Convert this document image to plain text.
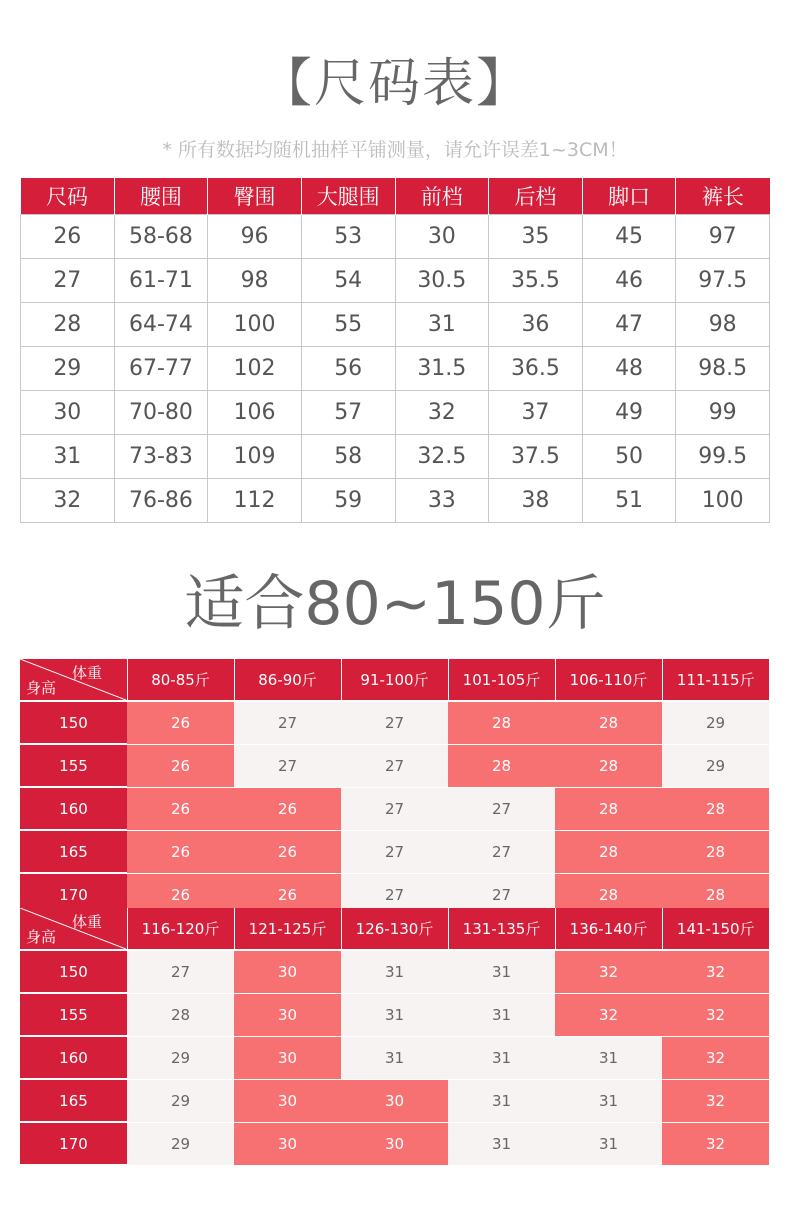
【尺码表】
* 所有数据均随机抽样平铺测量，请允许误差1~3CM！
尺码	腰围	臀围	大腿围	前档	后档	脚口	裤长
26	58-68	96	53	30	35	45	97
27	61-71	98	54	30.5	35.5	46	97.5
28	64-74	100	55	31	36	47	98
29	67-77	102	56	31.5	36.5	48	98.5
30	70-80	106	57	32	37	49	99
31	73-83	109	58	32.5	37.5	50	99.5
32	76-86	112	59	33	38	51	100
适合80~150斤
体重
身高	80-85斤	86-90斤	91-100斤	101-105斤	106-110斤	111-115斤
150	26	27	27	28	28	29
155	26	27	27	28	28	29
160	26	26	27	27	28	28
165	26	26	27	27	28	28
170	26	26	27	27	28	28
体重
身高	116-120斤	121-125斤	126-130斤	131-135斤	136-140斤	141-150斤
150	27	30	31	31	32	32
155	28	30	31	31	32	32
160	29	30	31	31	31	32
165	29	30	30	31	31	32
170	29	30	30	31	31	32
